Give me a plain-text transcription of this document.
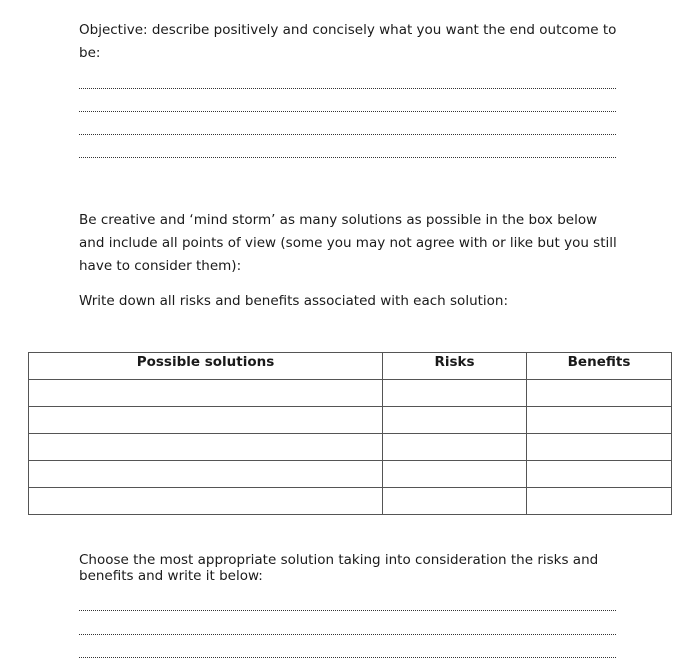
Objective: describe positively and concisely what you want the end outcome to be:

Be creative and ‘mind storm’ as many solutions as possible in the box below and include all points of view (some you may not agree with or like but you still have to consider them):

Write down all risks and benefits associated with each solution:

Possible solutions	Risks	Benefits

Choose the most appropriate solution taking into consideration the risks and benefits and write it below:
